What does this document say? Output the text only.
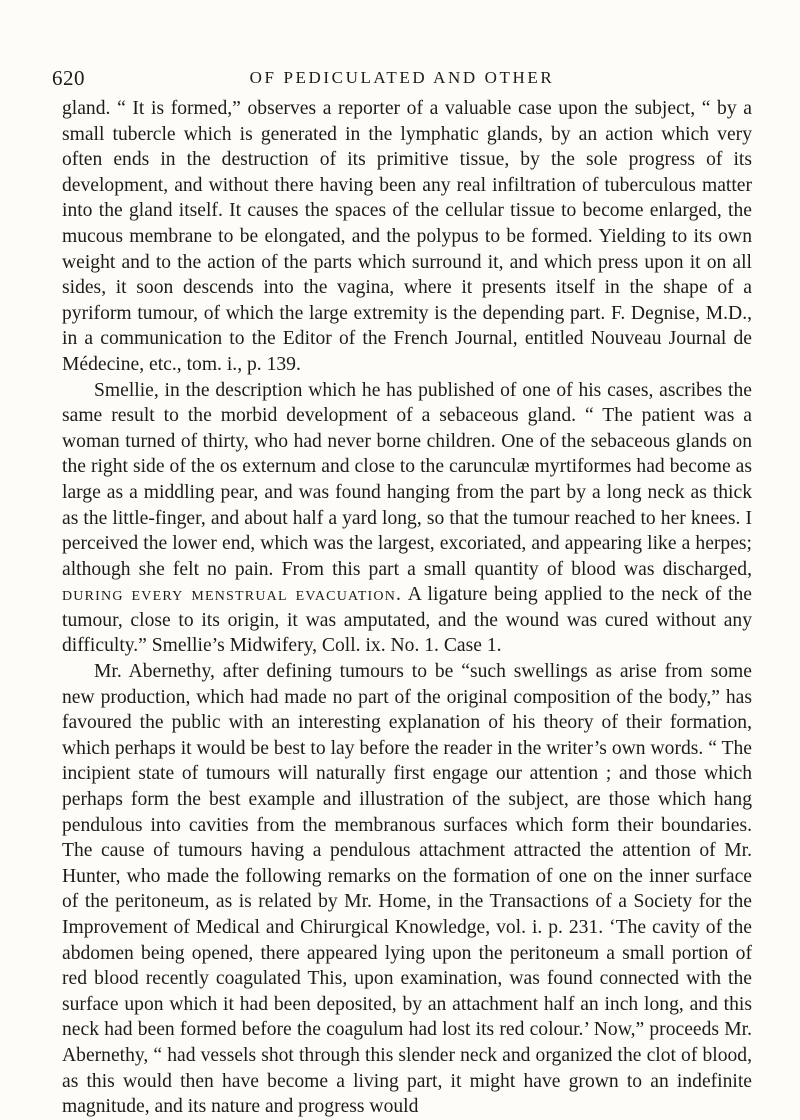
620	OF PEDICULATED AND OTHER

gland. “ It is formed,” observes a reporter of a valuable case upon the subject, “ by a small tubercle which is generated in the lymphatic glands, by an action which very often ends in the destruction of its primitive tissue, by the sole progress of its development, and without there having been any real infiltration of tuberculous matter into the gland itself. It causes the spaces of the cellular tissue to become enlarged, the mucous membrane to be elongated, and the polypus to be formed. Yielding to its own weight and to the action of the parts which surround it, and which press upon it on all sides, it soon descends into the vagina, where it presents itself in the shape of a pyriform tumour, of which the large extremity is the depending part. F. Degnise, M.D., in a communication to the Editor of the French Journal, entitled Nouveau Journal de Médecine, etc., tom. i., p. 139.

Smellie, in the description which he has published of one of his cases, ascribes the same result to the morbid development of a sebaceous gland. “ The patient was a woman turned of thirty, who had never borne children. One of the sebaceous glands on the right side of the os externum and close to the carunculæ myrtiformes had become as large as a middling pear, and was found hanging from the part by a long neck as thick as the little-finger, and about half a yard long, so that the tumour reached to her knees. I perceived the lower end, which was the largest, excoriated, and appearing like a herpes; although she felt no pain. From this part a small quantity of blood was discharged, during every menstrual evacuation. A ligature being applied to the neck of the tumour, close to its origin, it was amputated, and the wound was cured without any difficulty.” Smellie’s Midwifery, Coll. ix. No. 1. Case 1.

Mr. Abernethy, after defining tumours to be “such swellings as arise from some new production, which had made no part of the original composition of the body,” has favoured the public with an interesting explanation of his theory of their formation, which perhaps it would be best to lay before the reader in the writer’s own words. “ The incipient state of tumours will naturally first engage our attention ; and those which perhaps form the best example and illustration of the subject, are those which hang pendulous into cavities from the membranous surfaces which form their boundaries. The cause of tumours having a pendulous attachment attracted the attention of Mr. Hunter, who made the following remarks on the formation of one on the inner surface of the peritoneum, as is related by Mr. Home, in the Transactions of a Society for the Improvement of Medical and Chirurgical Knowledge, vol. i. p. 231. ‘The cavity of the abdomen being opened, there appeared lying upon the peritoneum a small portion of red blood recently coagulated This, upon examination, was found connected with the surface upon which it had been deposited, by an attachment half an inch long, and this neck had been formed before the coagulum had lost its red colour.’ Now,” proceeds Mr. Abernethy, “ had vessels shot through this slender neck and organized the clot of blood, as this would then have become a living part, it might have grown to an indefinite magnitude, and its nature and progress would
